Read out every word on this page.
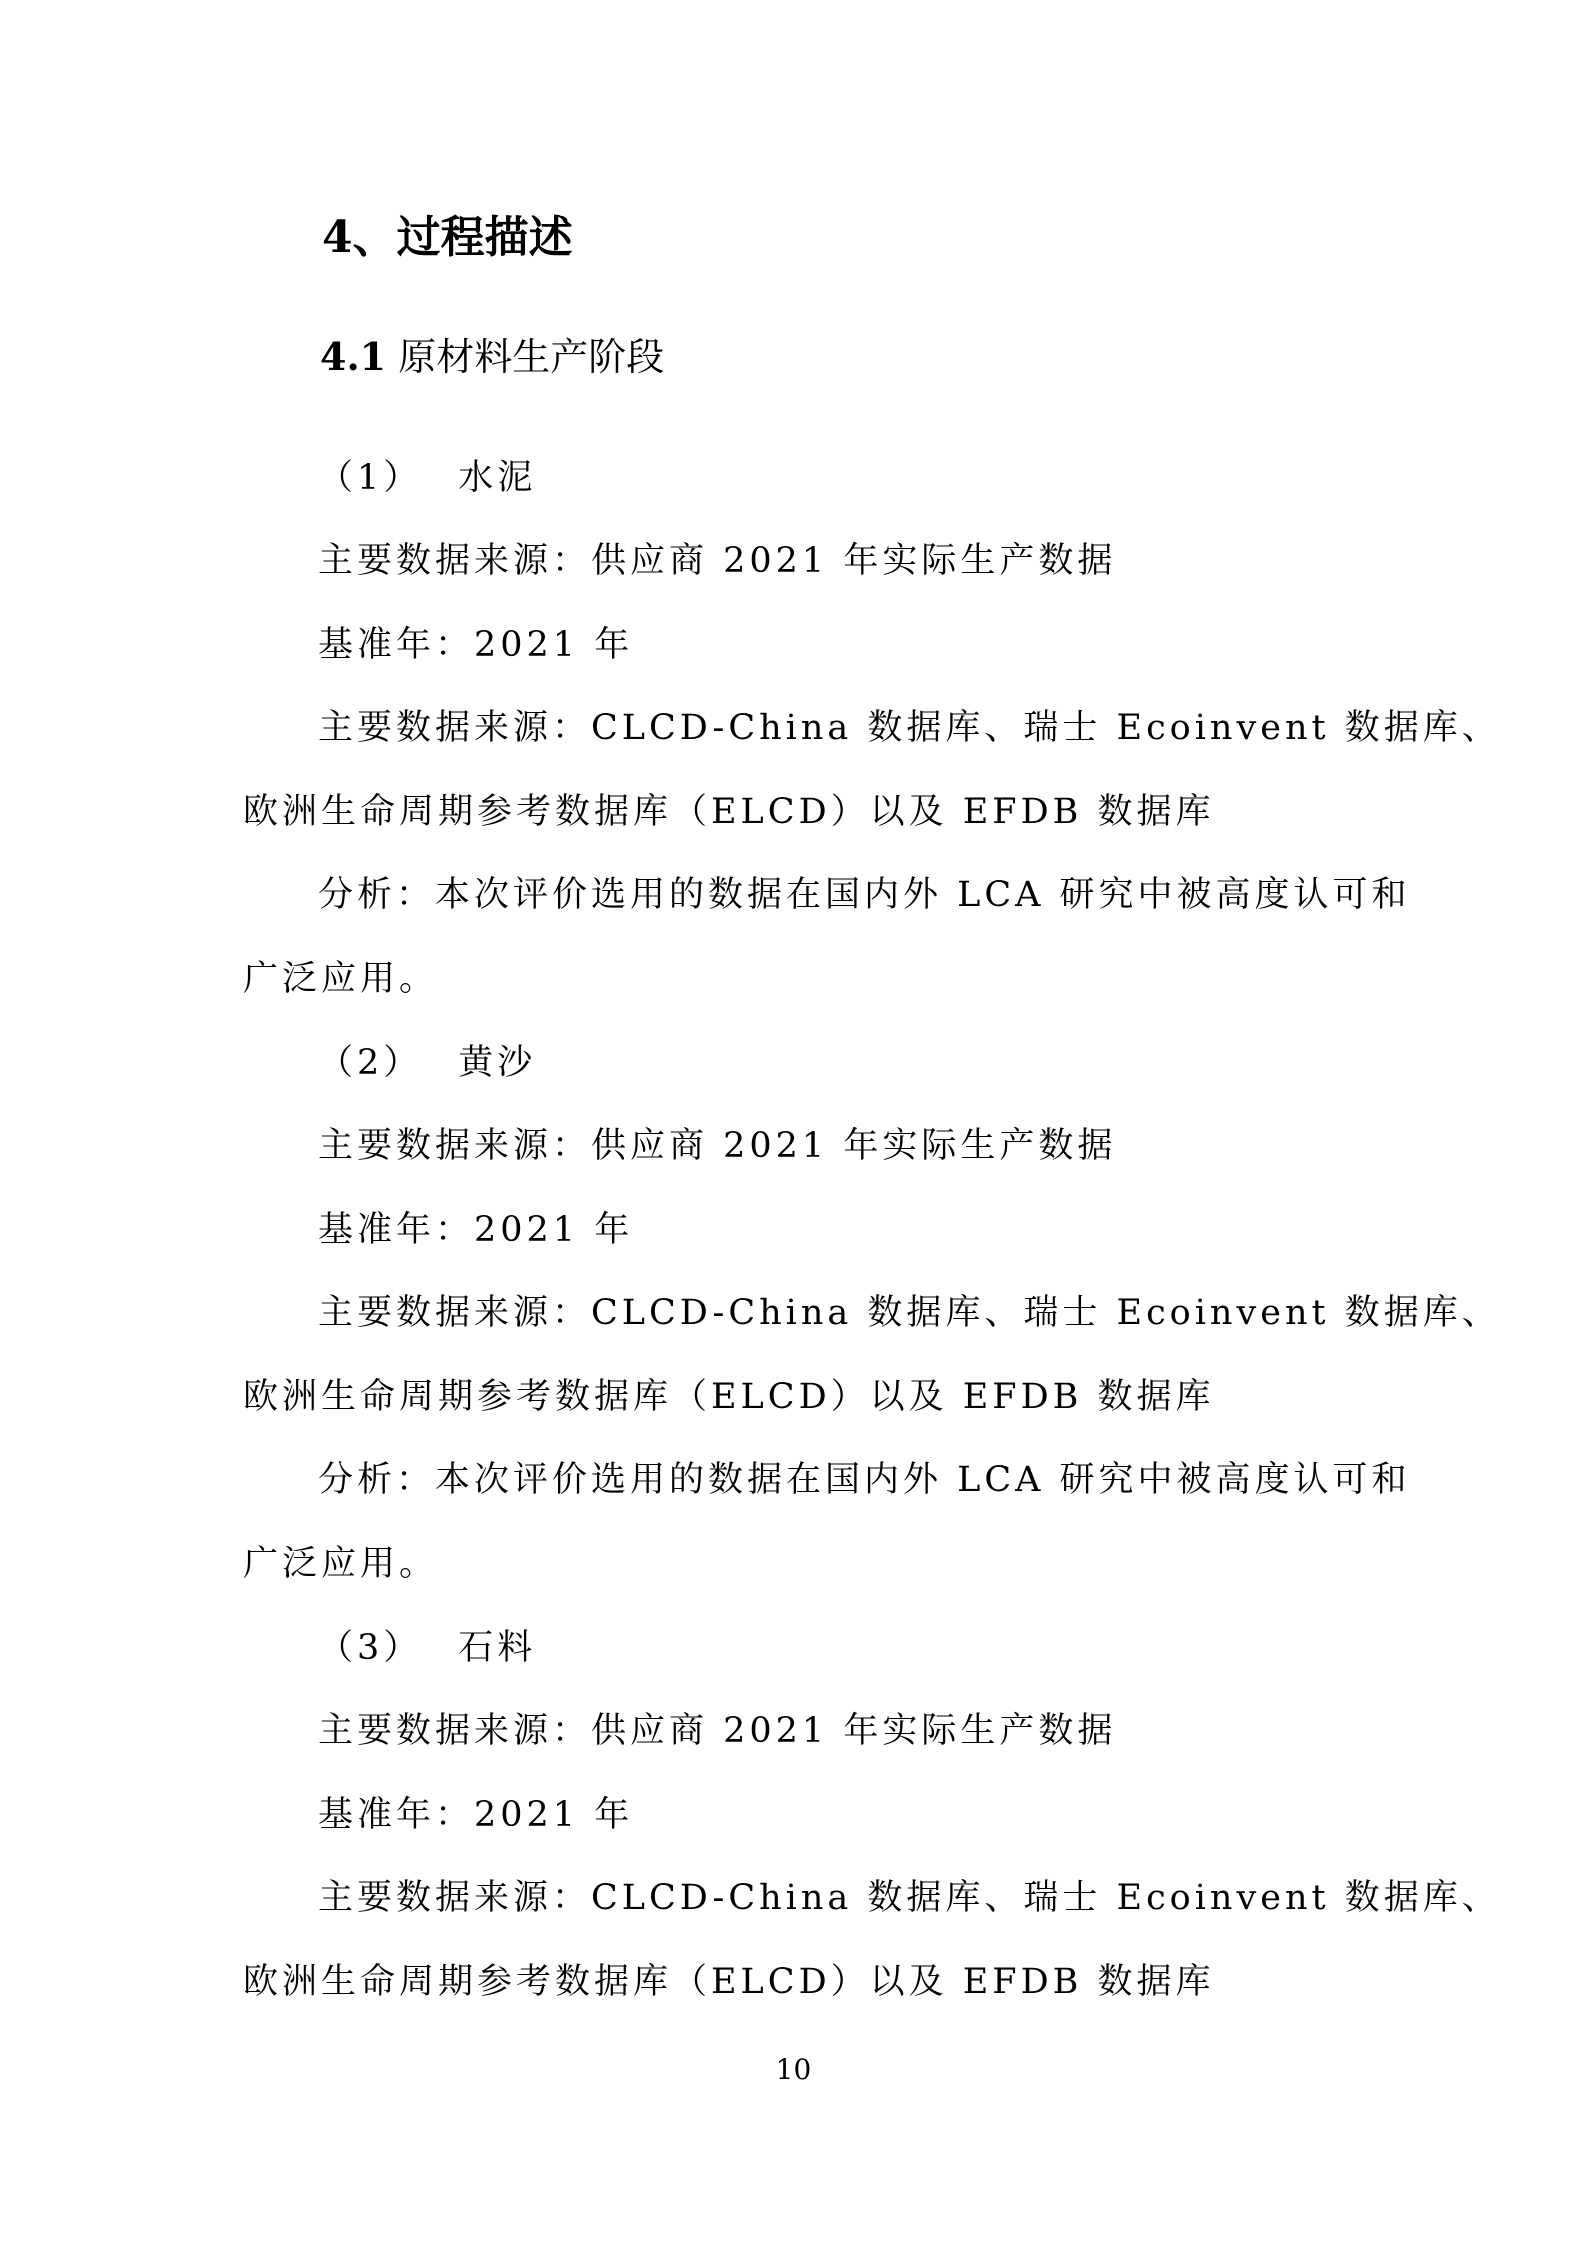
4、过程描述
4.1 原材料生产阶段
（1） 水泥
主要数据来源：供应商 2021 年实际生产数据
基准年：2021 年
主要数据来源：CLCD-China 数据库、瑞士 Ecoinvent 数据库、
欧洲生命周期参考数据库（ELCD）以及 EFDB 数据库
分析：本次评价选用的数据在国内外 LCA 研究中被高度认可和
广泛应用。
（2） 黄沙
主要数据来源：供应商 2021 年实际生产数据
基准年：2021 年
主要数据来源：CLCD-China 数据库、瑞士 Ecoinvent 数据库、
欧洲生命周期参考数据库（ELCD）以及 EFDB 数据库
分析：本次评价选用的数据在国内外 LCA 研究中被高度认可和
广泛应用。
（3） 石料
主要数据来源：供应商 2021 年实际生产数据
基准年：2021 年
主要数据来源：CLCD-China 数据库、瑞士 Ecoinvent 数据库、
欧洲生命周期参考数据库（ELCD）以及 EFDB 数据库
10
